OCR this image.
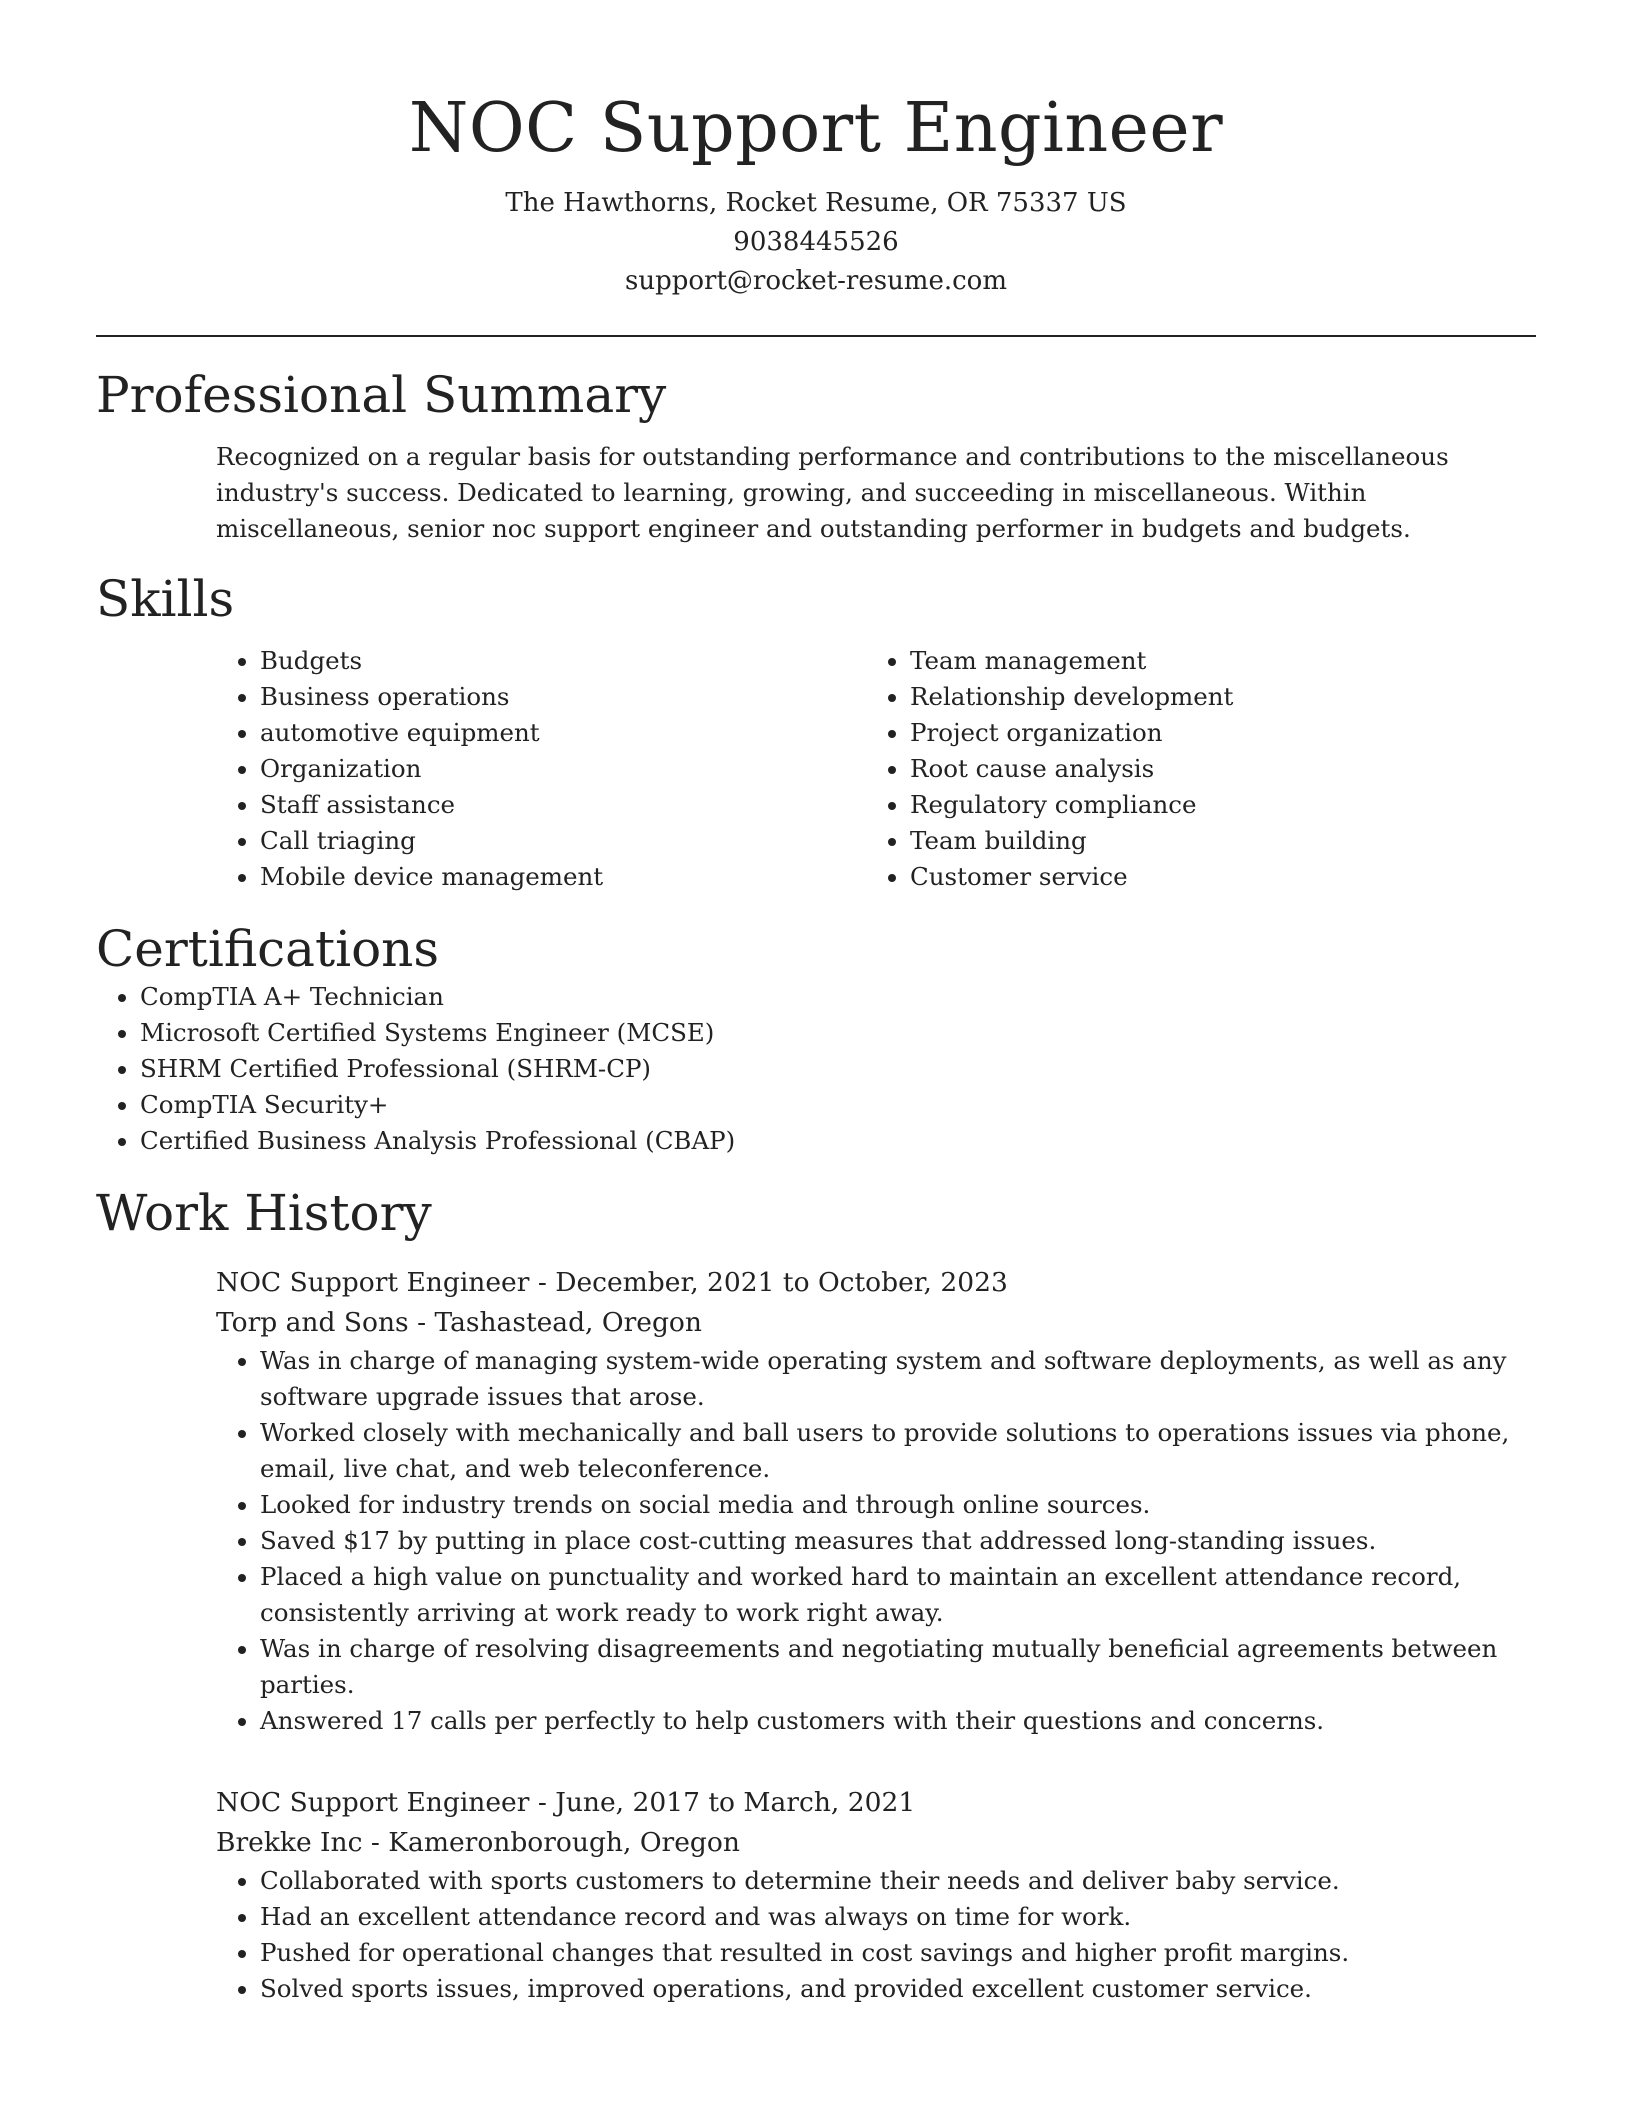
NOC Support Engineer
The Hawthorns, Rocket Resume, OR 75337 US
9038445526
support@rocket-resume.com
Professional Summary

Recognized on a regular basis for outstanding performance and contributions to the miscellaneous industry's success. Dedicated to learning, growing, and succeeding in miscellaneous. Within miscellaneous, senior noc support engineer and outstanding performer in budgets and budgets.

Skills
• Budgets
• Business operations
• automotive equipment
• Organization
• Staff assistance
• Call triaging
• Mobile device management
• Team management
• Relationship development
• Project organization
• Root cause analysis
• Regulatory compliance
• Team building
• Customer service
Certifications
• CompTIA A+ Technician
• Microsoft Certified Systems Engineer (MCSE)
• SHRM Certified Professional (SHRM-CP)
• CompTIA Security+
• Certified Business Analysis Professional (CBAP)
Work History
NOC Support Engineer - December, 2021 to October, 2023
Torp and Sons - Tashastead, Oregon
• Was in charge of managing system-wide operating system and software deployments, as well as any software upgrade issues that arose.
• Worked closely with mechanically and ball users to provide solutions to operations issues via phone, email, live chat, and web teleconference.
• Looked for industry trends on social media and through online sources.
• Saved $17 by putting in place cost-cutting measures that addressed long-standing issues.
• Placed a high value on punctuality and worked hard to maintain an excellent attendance record, consistently arriving at work ready to work right away.
• Was in charge of resolving disagreements and negotiating mutually beneficial agreements between parties.
• Answered 17 calls per perfectly to help customers with their questions and concerns.
NOC Support Engineer - June, 2017 to March, 2021
Brekke Inc - Kameronborough, Oregon
• Collaborated with sports customers to determine their needs and deliver baby service.
• Had an excellent attendance record and was always on time for work.
• Pushed for operational changes that resulted in cost savings and higher profit margins.
• Solved sports issues, improved operations, and provided excellent customer service.
